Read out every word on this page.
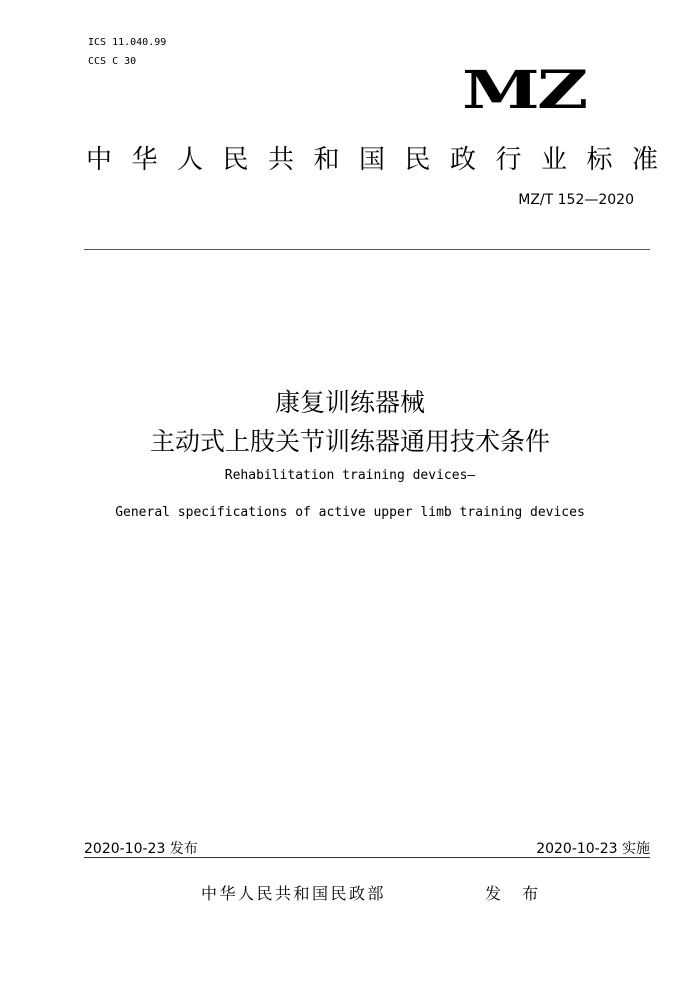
ICS 11.040.99
CCS C 30	MZ
中华人民共和国民政行业标准
MZ/T 152—2020
康复训练器械
主动式上肢关节训练器通用技术条件
Rehabilitation training devices—
General specifications of active upper limb training devices
2020-10-23 发布	2020-10-23 实施
中华人民共和国民政部	发 布
